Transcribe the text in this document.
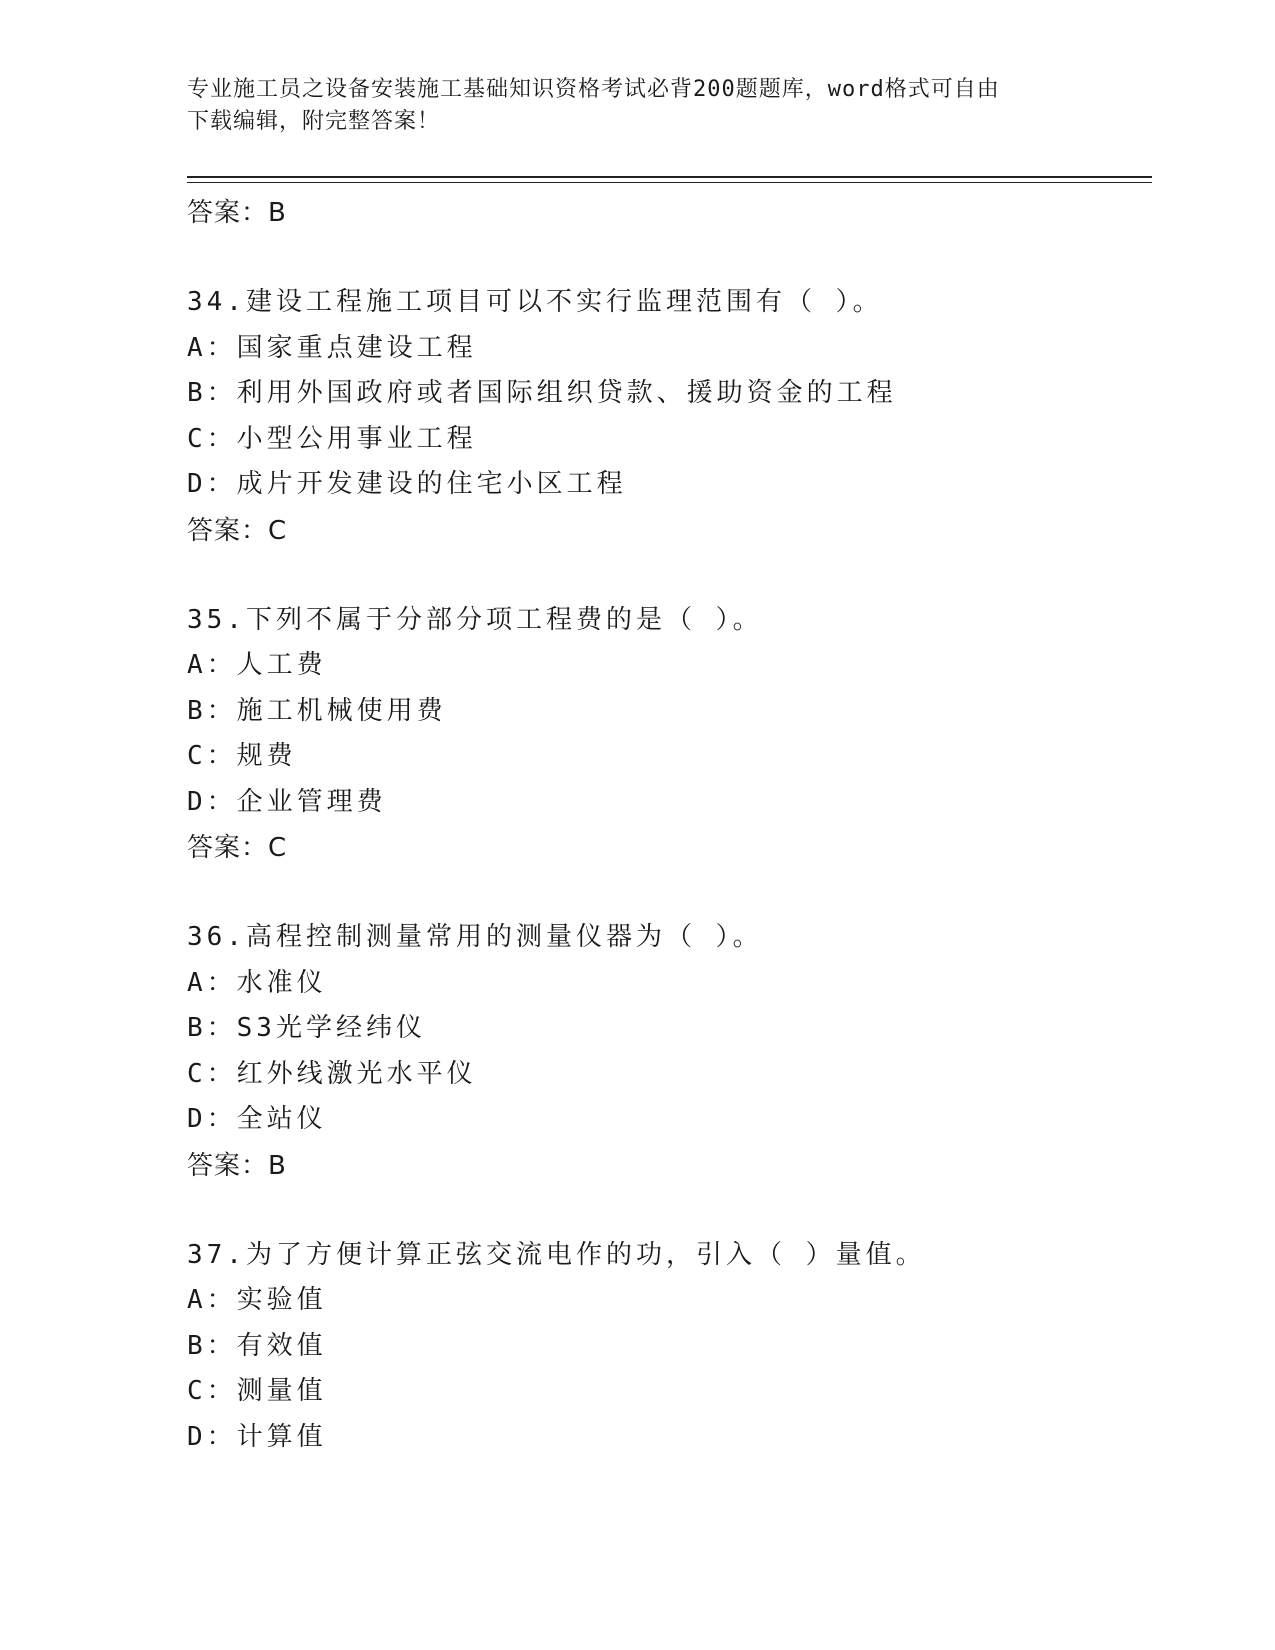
专业施工员之设备安装施工基础知识资格考试必背200题题库，word格式可自由
下载编辑，附完整答案！
答案：B
34.建设工程施工项目可以不实行监理范围有（ ）。
A：国家重点建设工程
B：利用外国政府或者国际组织贷款、援助资金的工程
C：小型公用事业工程
D：成片开发建设的住宅小区工程
答案：C
35.下列不属于分部分项工程费的是（ ）。
A：人工费
B：施工机械使用费
C：规费
D：企业管理费
答案：C
36.高程控制测量常用的测量仪器为（ ）。
A：水准仪
B：S3光学经纬仪
C：红外线激光水平仪
D：全站仪
答案：B
37.为了方便计算正弦交流电作的功，引入（ ）量值。
A：实验值
B：有效值
C：测量值
D：计算值
